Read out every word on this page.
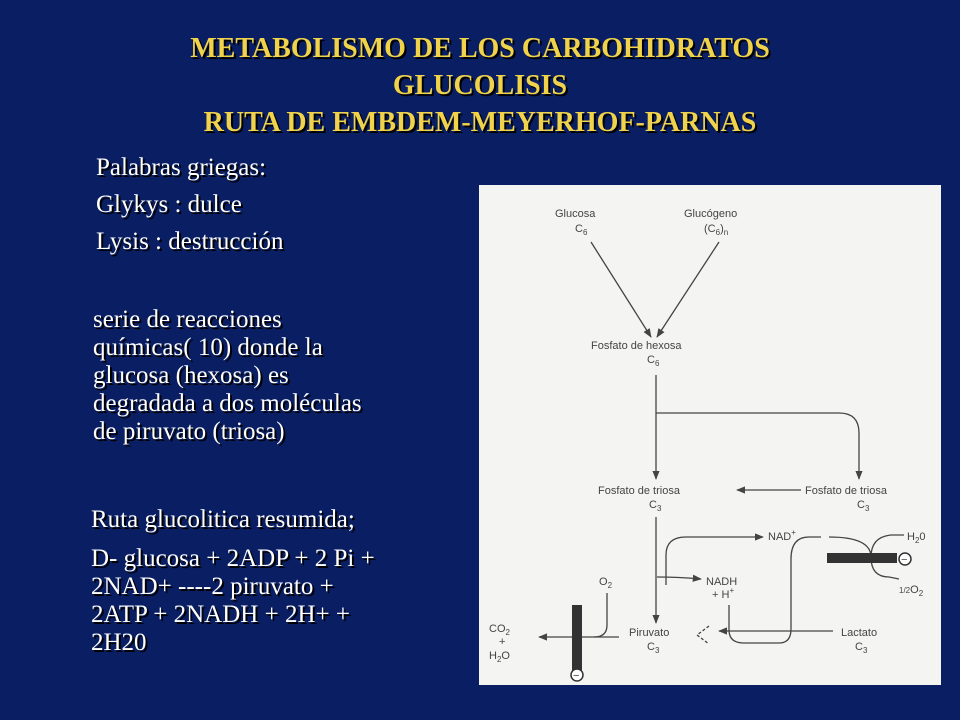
METABOLISMO DE LOS CARBOHIDRATOS
GLUCOLISIS
RUTA DE EMBDEM-MEYERHOF-PARNAS
Palabras griegas:
Glykys : dulce
Lysis : destrucción
serie de reacciones
químicas( 10) donde la
glucosa (hexosa) es
degradada a dos moléculas
de piruvato (triosa)
Ruta glucolitica resumida;
D- glucosa + 2ADP + 2 Pi +
2NAD+ ----2 piruvato +
2ATP + 2NADH + 2H+ +
2H20
Glucosa
$C_6$
Glucógeno
$(C_6)_n$
Fosfato de hexosa
$C_6$
Fosfato de triosa
$C_3$
Fosfato de triosa
$C_3$
NAD+
NADH
+ H+
$H_20$
$1/2O_2$
$O_2$
$CO_2$
+
$H_2O$
Piruvato
$C_3$
Lactato
$C_3$
−
−
